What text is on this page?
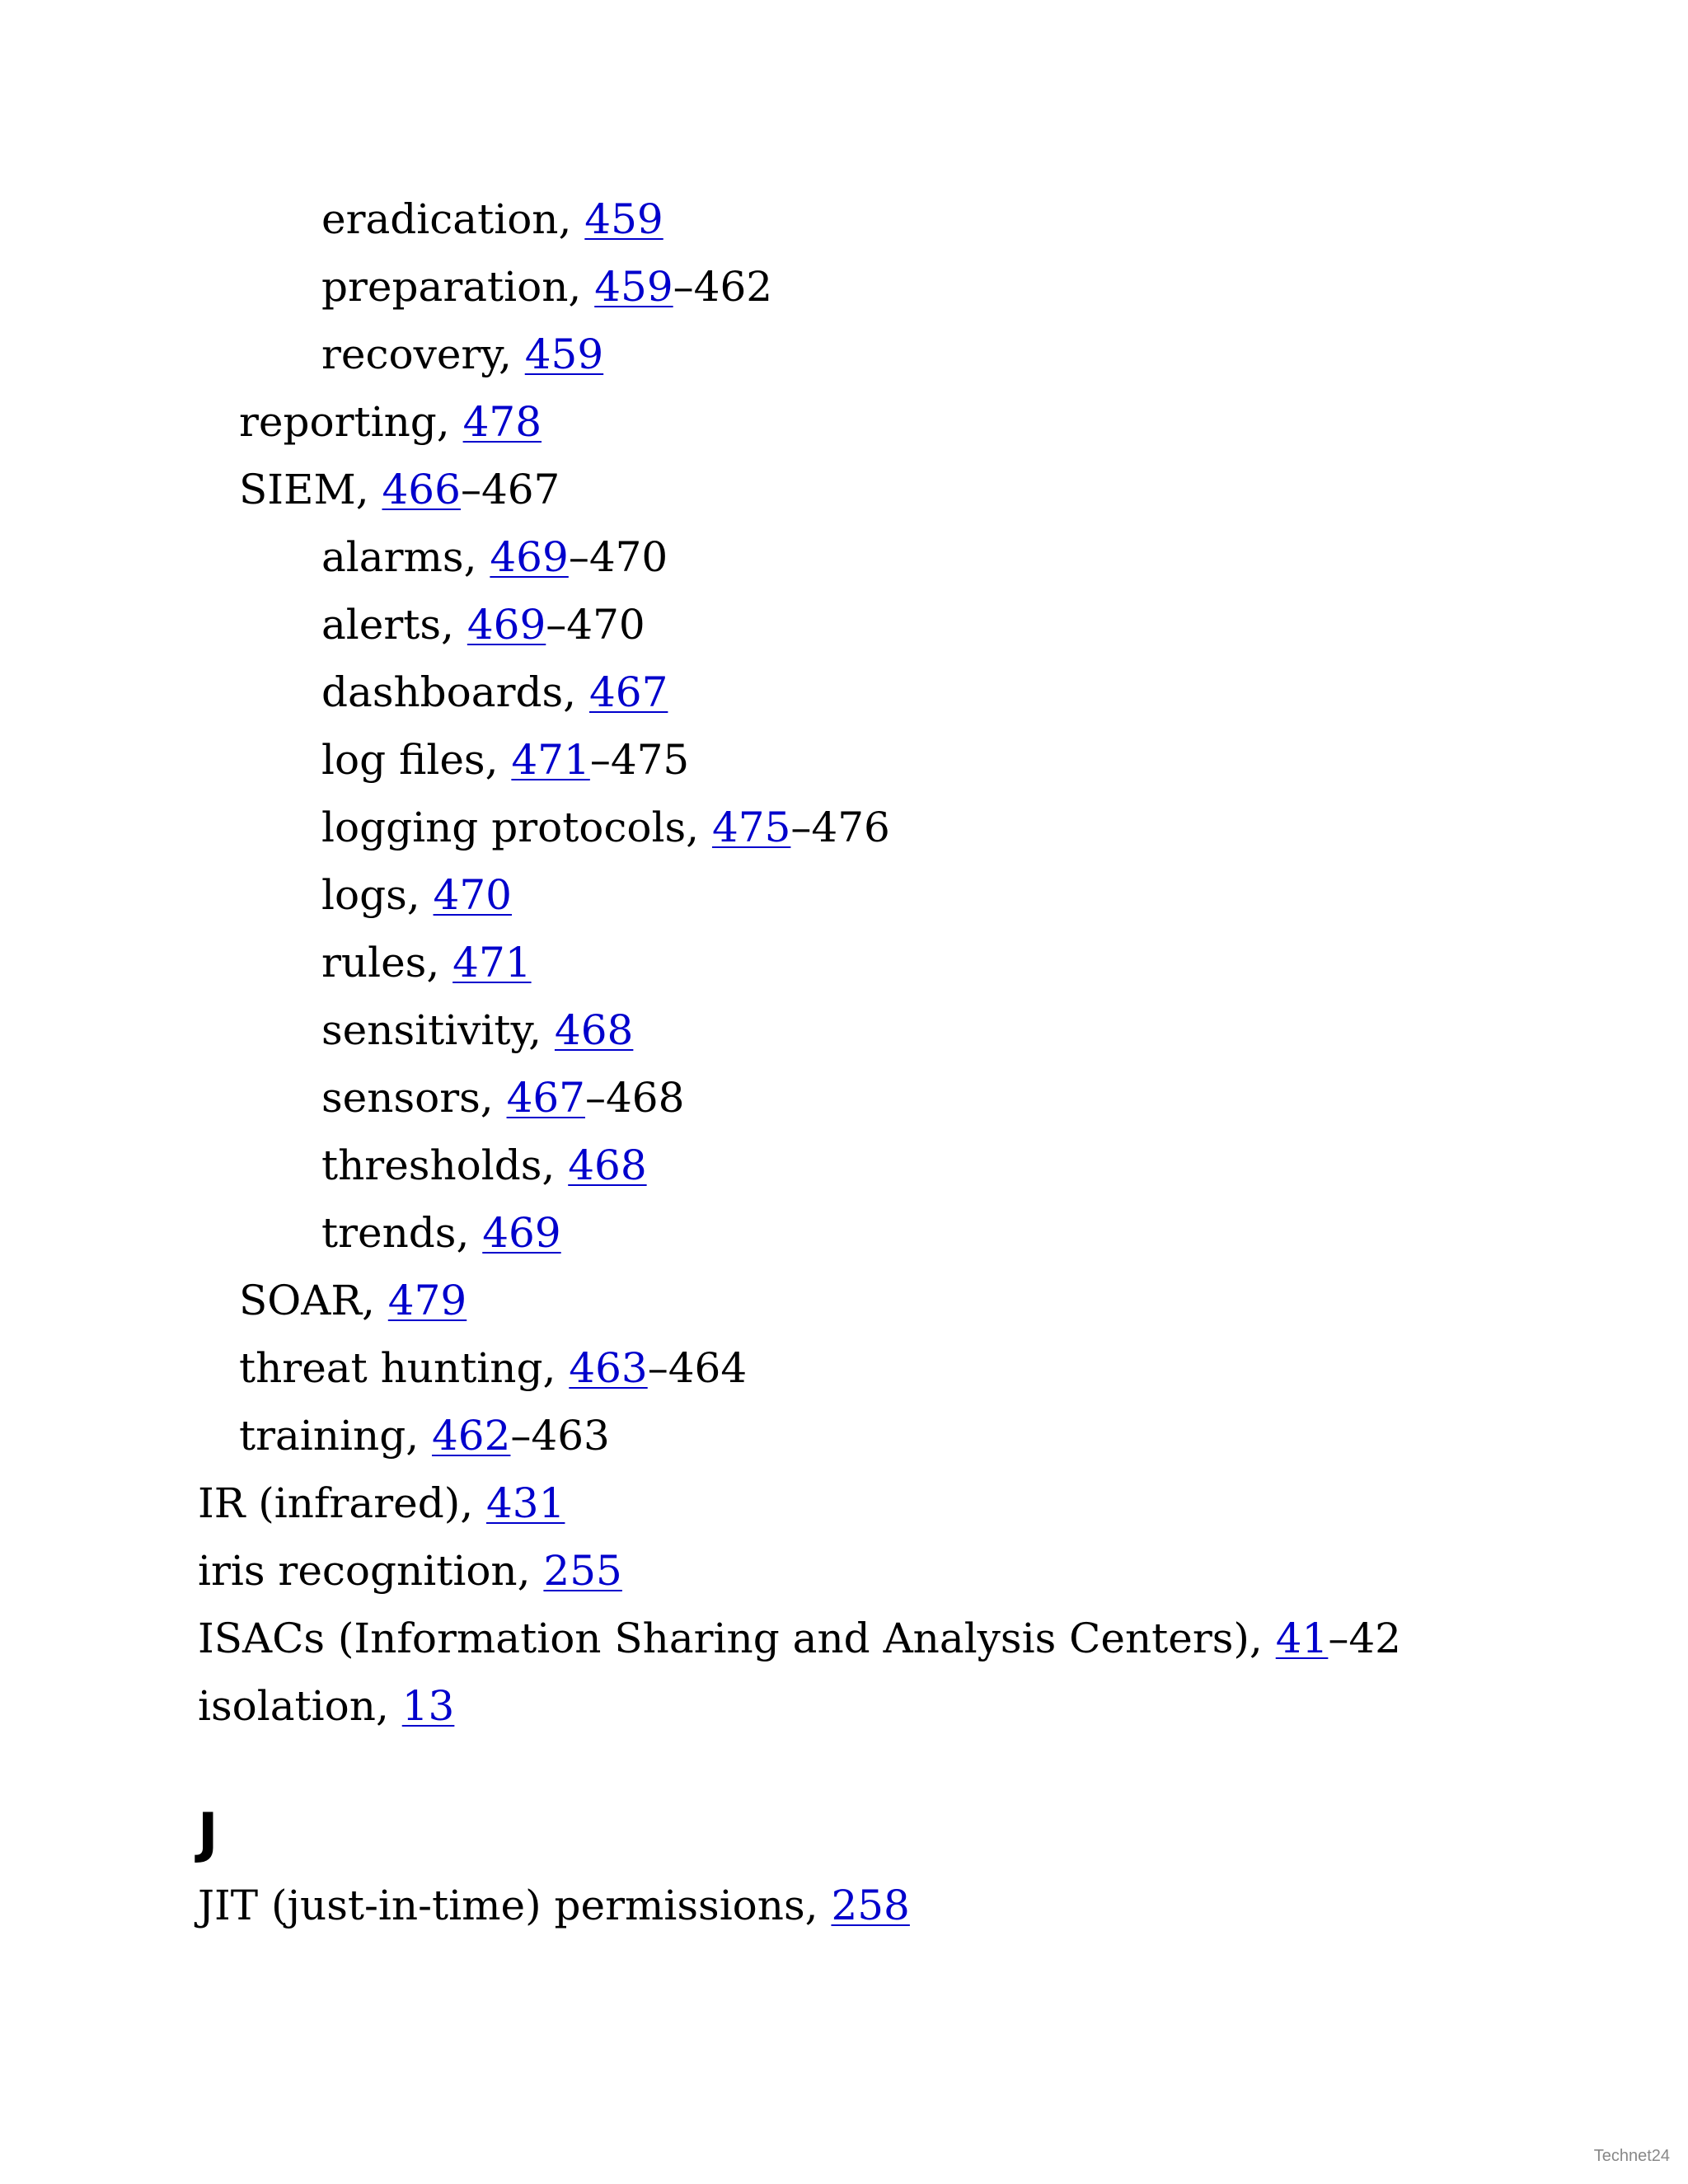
eradication, 459
preparation, 459–462
recovery, 459
reporting, 478
SIEM, 466–467
alarms, 469–470
alerts, 469–470
dashboards, 467
log files, 471–475
logging protocols, 475–476
logs, 470
rules, 471
sensitivity, 468
sensors, 467–468
thresholds, 468
trends, 469
SOAR, 479
threat hunting, 463–464
training, 462–463
IR (infrared), 431
iris recognition, 255
ISACs (Information Sharing and Analysis Centers), 41–42
isolation, 13
J
JIT (just-in-time) permissions, 258
Technet24
